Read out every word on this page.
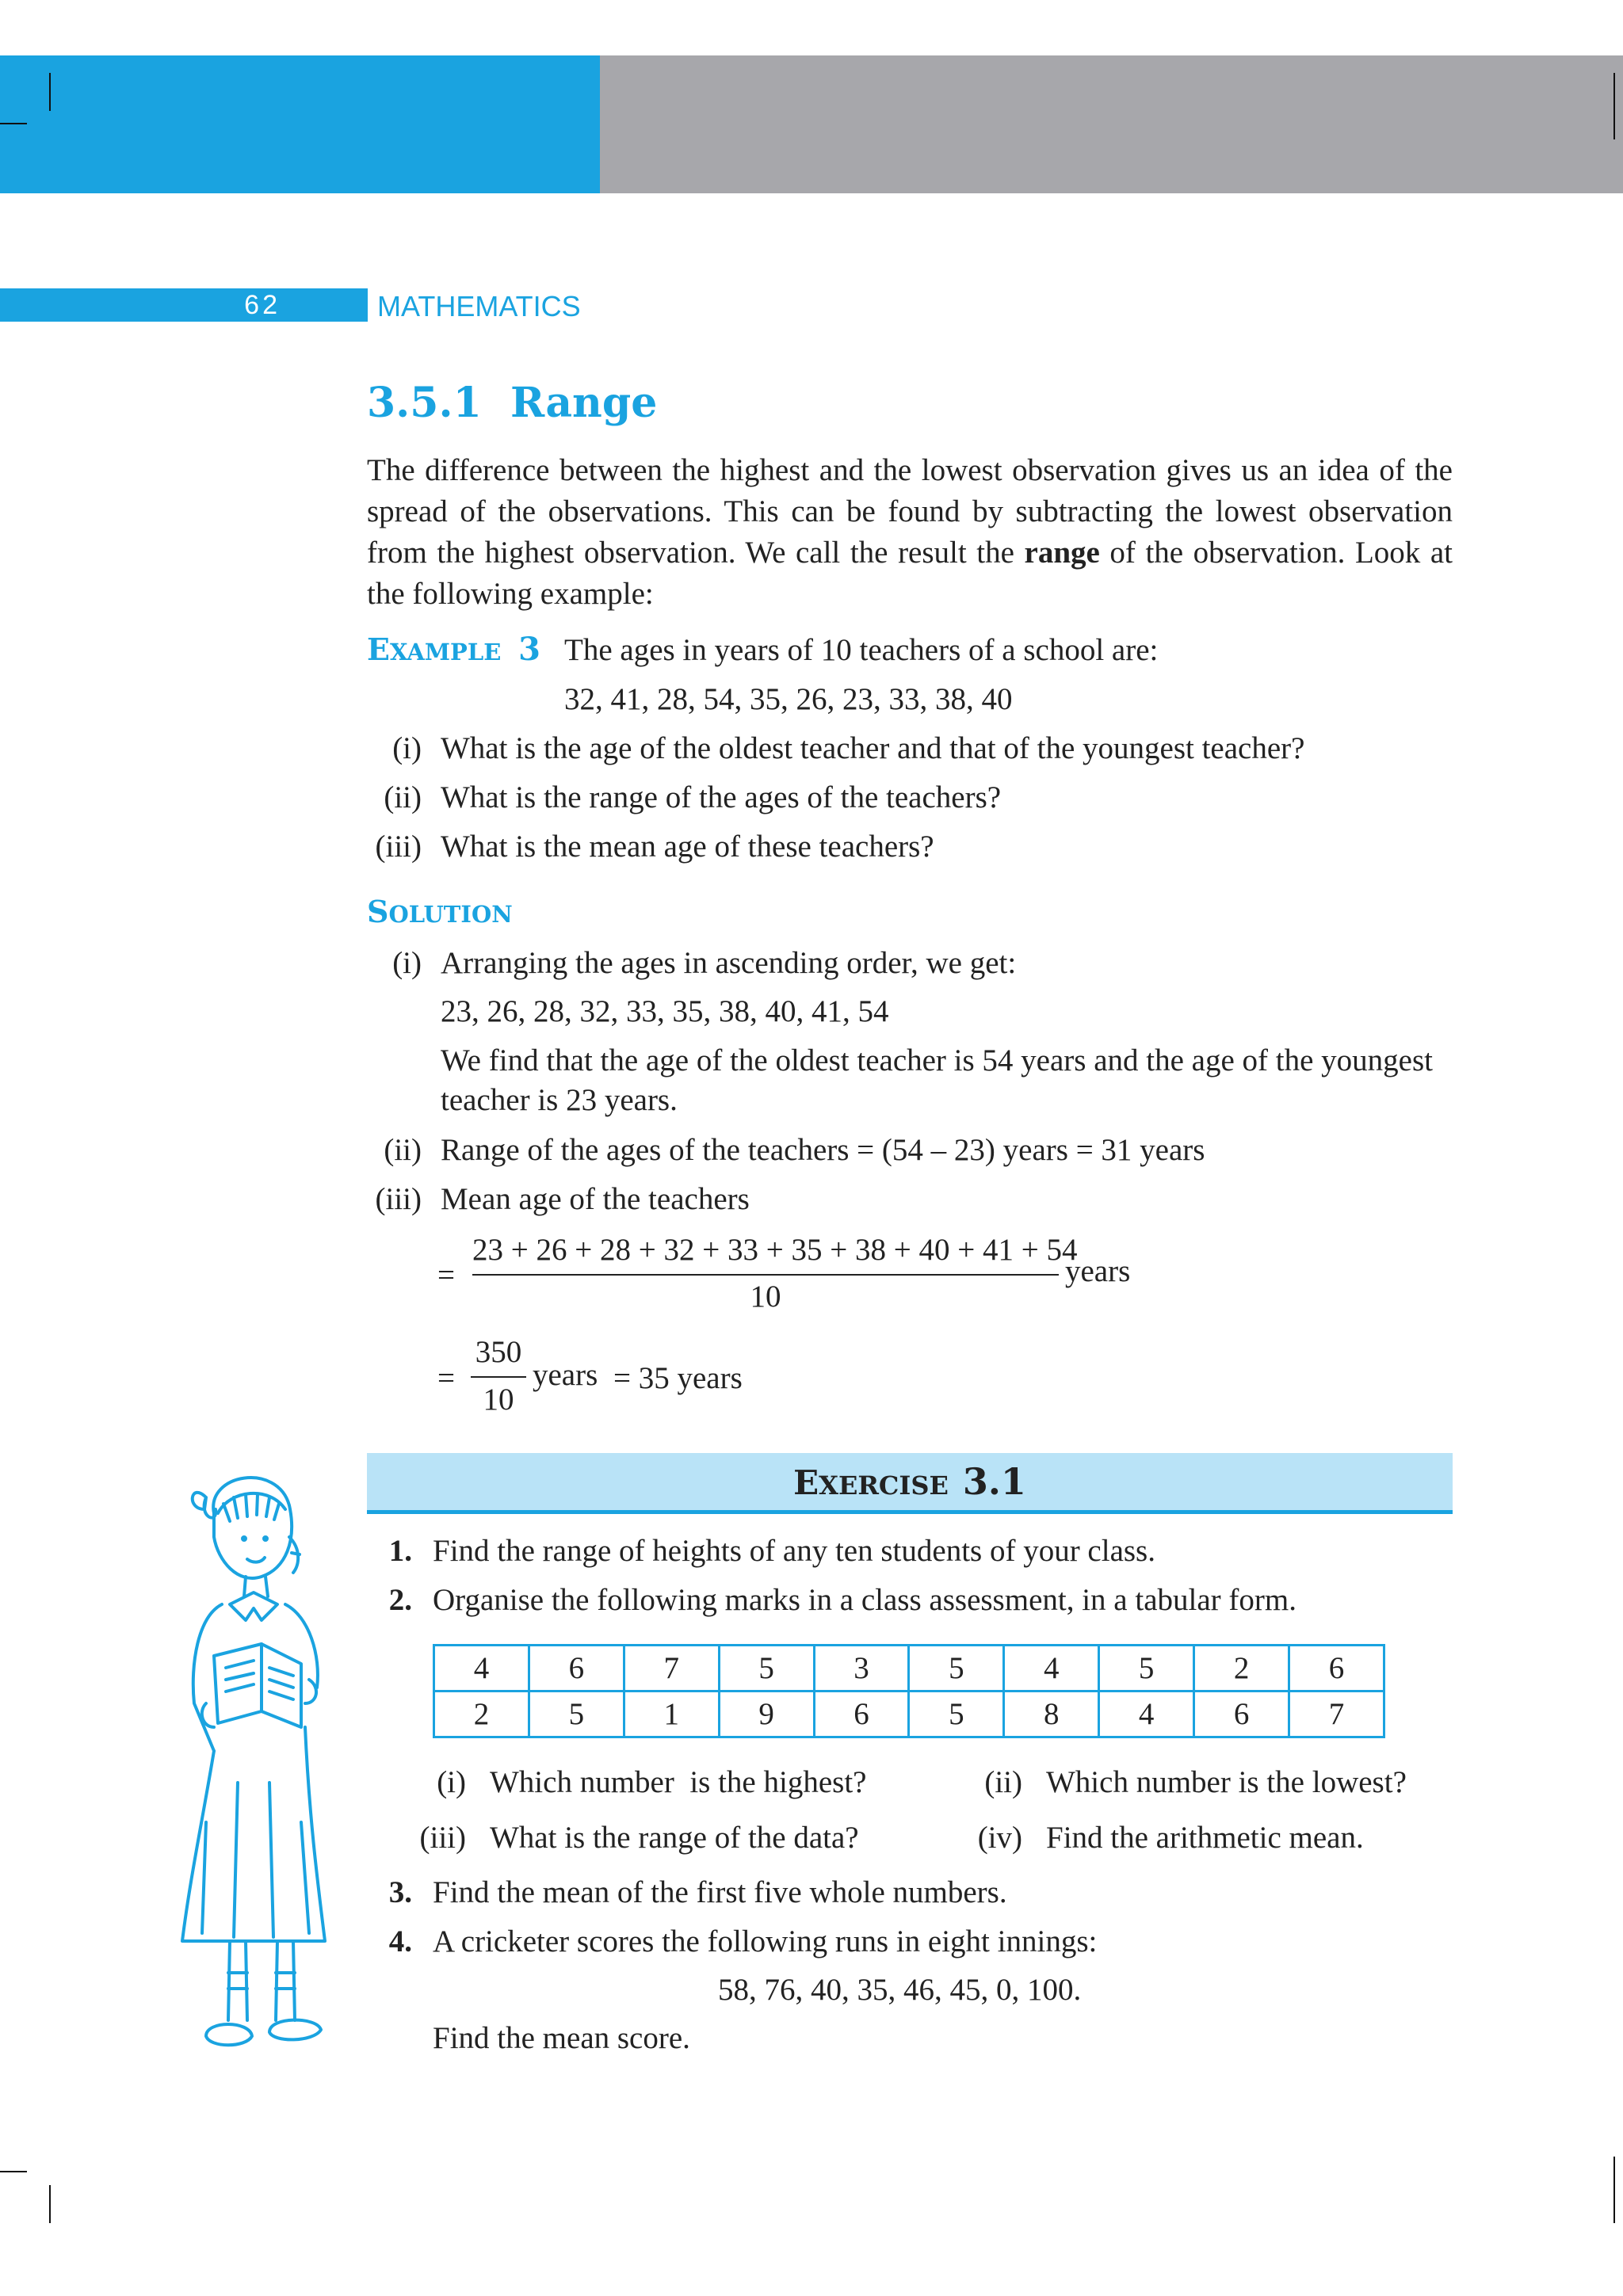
62	MATHEMATICS
3.5.1  Range
The difference between the highest and the lowest observation gives us an idea of the spread of the observations. This can be found by subtracting the lowest observation from the highest observation. We call the result the range of the observation. Look at the following example:
EXAMPLE 3 The ages in years of 10 teachers of a school are:
32, 41, 28, 54, 35, 26, 23, 33, 38, 40
(i) What is the age of the oldest teacher and that of the youngest teacher?
(ii) What is the range of the ages of the teachers?
(iii) What is the mean age of these teachers?
SOLUTION
(i) Arranging the ages in ascending order, we get:
23, 26, 28, 32, 33, 35, 38, 40, 41, 54
We find that the age of the oldest teacher is 54 years and the age of the youngest
teacher is 23 years.
(ii) Range of the ages of the teachers = (54 – 23) years = 31 years
(iii) Mean age of the teachers
=
23 + 26 + 28 + 32 + 33 + 35 + 38 + 40 + 41 + 54
10
years
=
350
10
years = 35 years
EXERCISE 3.1
1. Find the range of heights of any ten students of your class.
2. Organise the following marks in a class assessment, in a tabular form.
4	6	7	5	3	5	4	5	2	6
2	5	1	9	6	5	8	4	6	7
(i) Which number  is the highest?	(ii) Which number is the lowest?
(iii) What is the range of the data?	(iv) Find the arithmetic mean.
3. Find the mean of the first five whole numbers.
4. A cricketer scores the following runs in eight innings:
58, 76, 40, 35, 46, 45, 0, 100.
Find the mean score.
